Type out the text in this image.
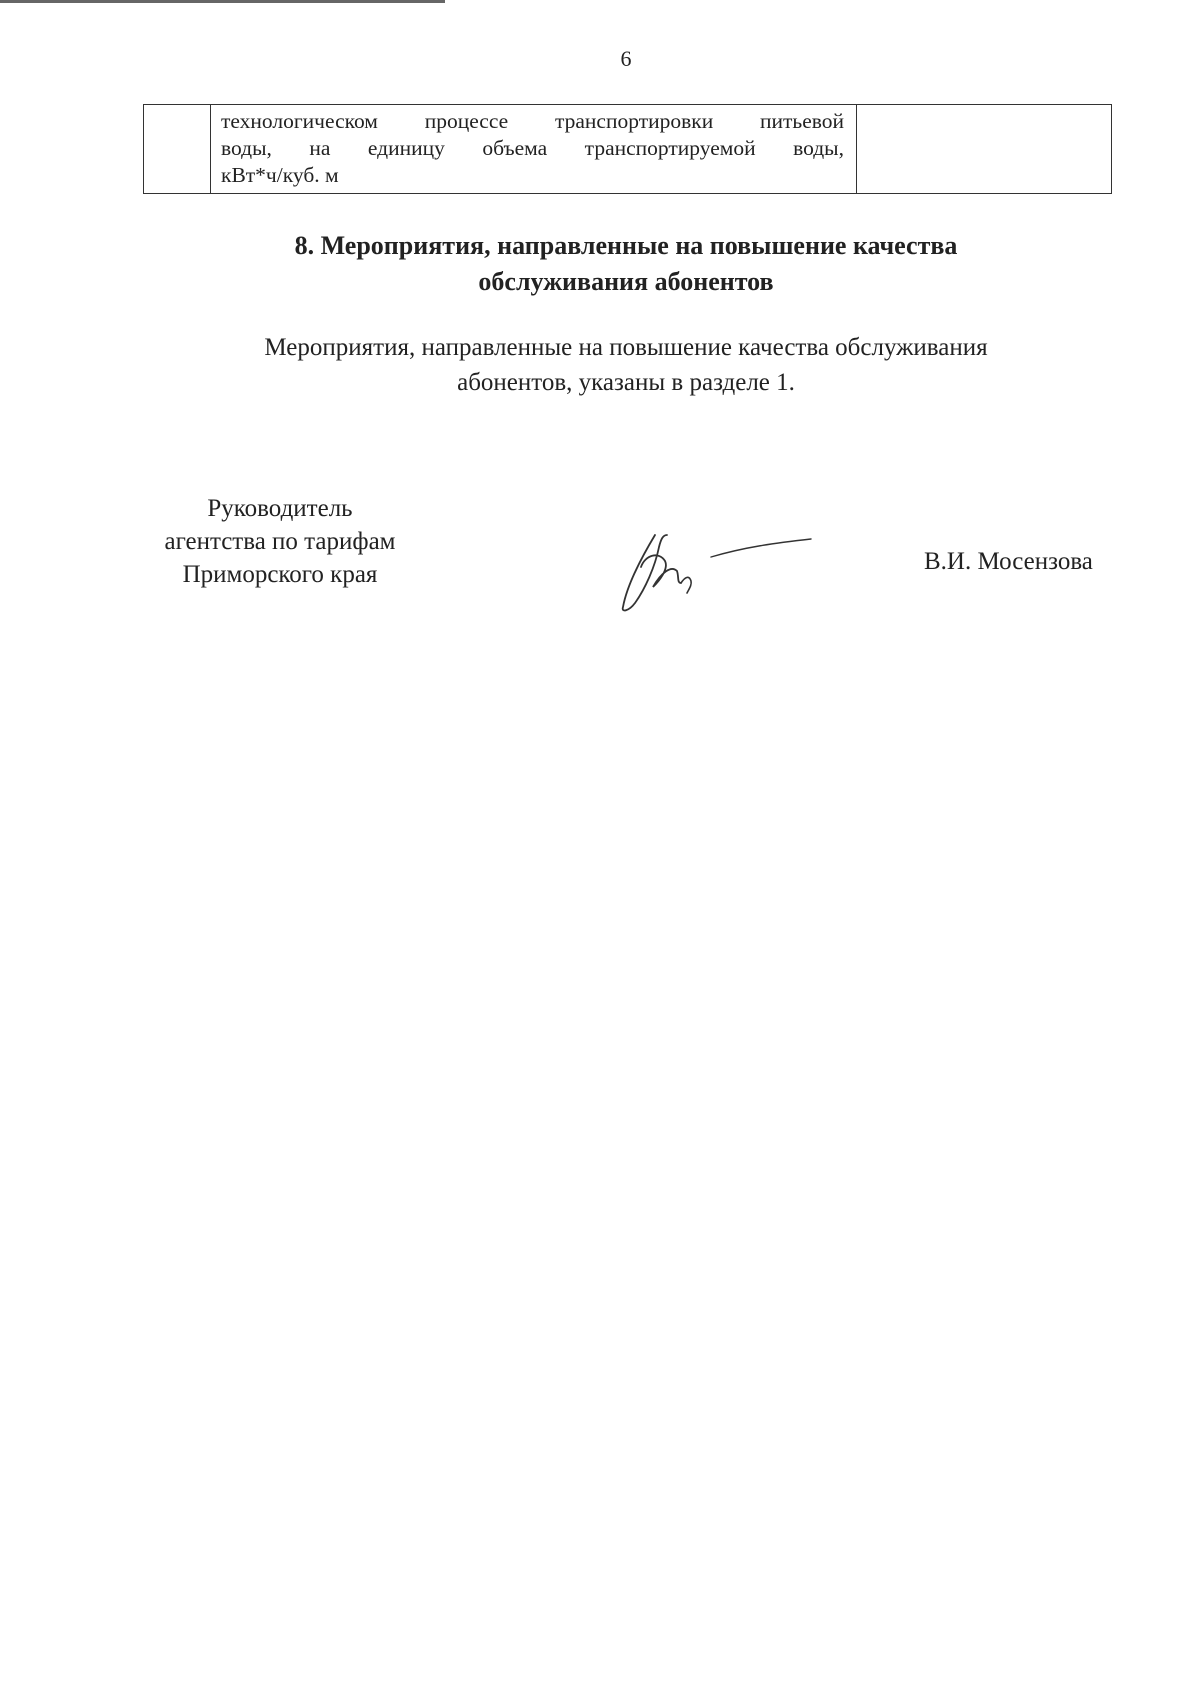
6

технологическом процессе транспортировки питьевой
воды, на единицу объема транспортируемой воды,
кВт*ч/куб. м

8. Мероприятия, направленные на повышение качества
обслуживания абонентов
Мероприятия, направленные на повышение качества обслуживания
абонентов, указаны в разделе 1.
Руководитель
агентства по тарифам
Приморского края	В.И. Мосензова
